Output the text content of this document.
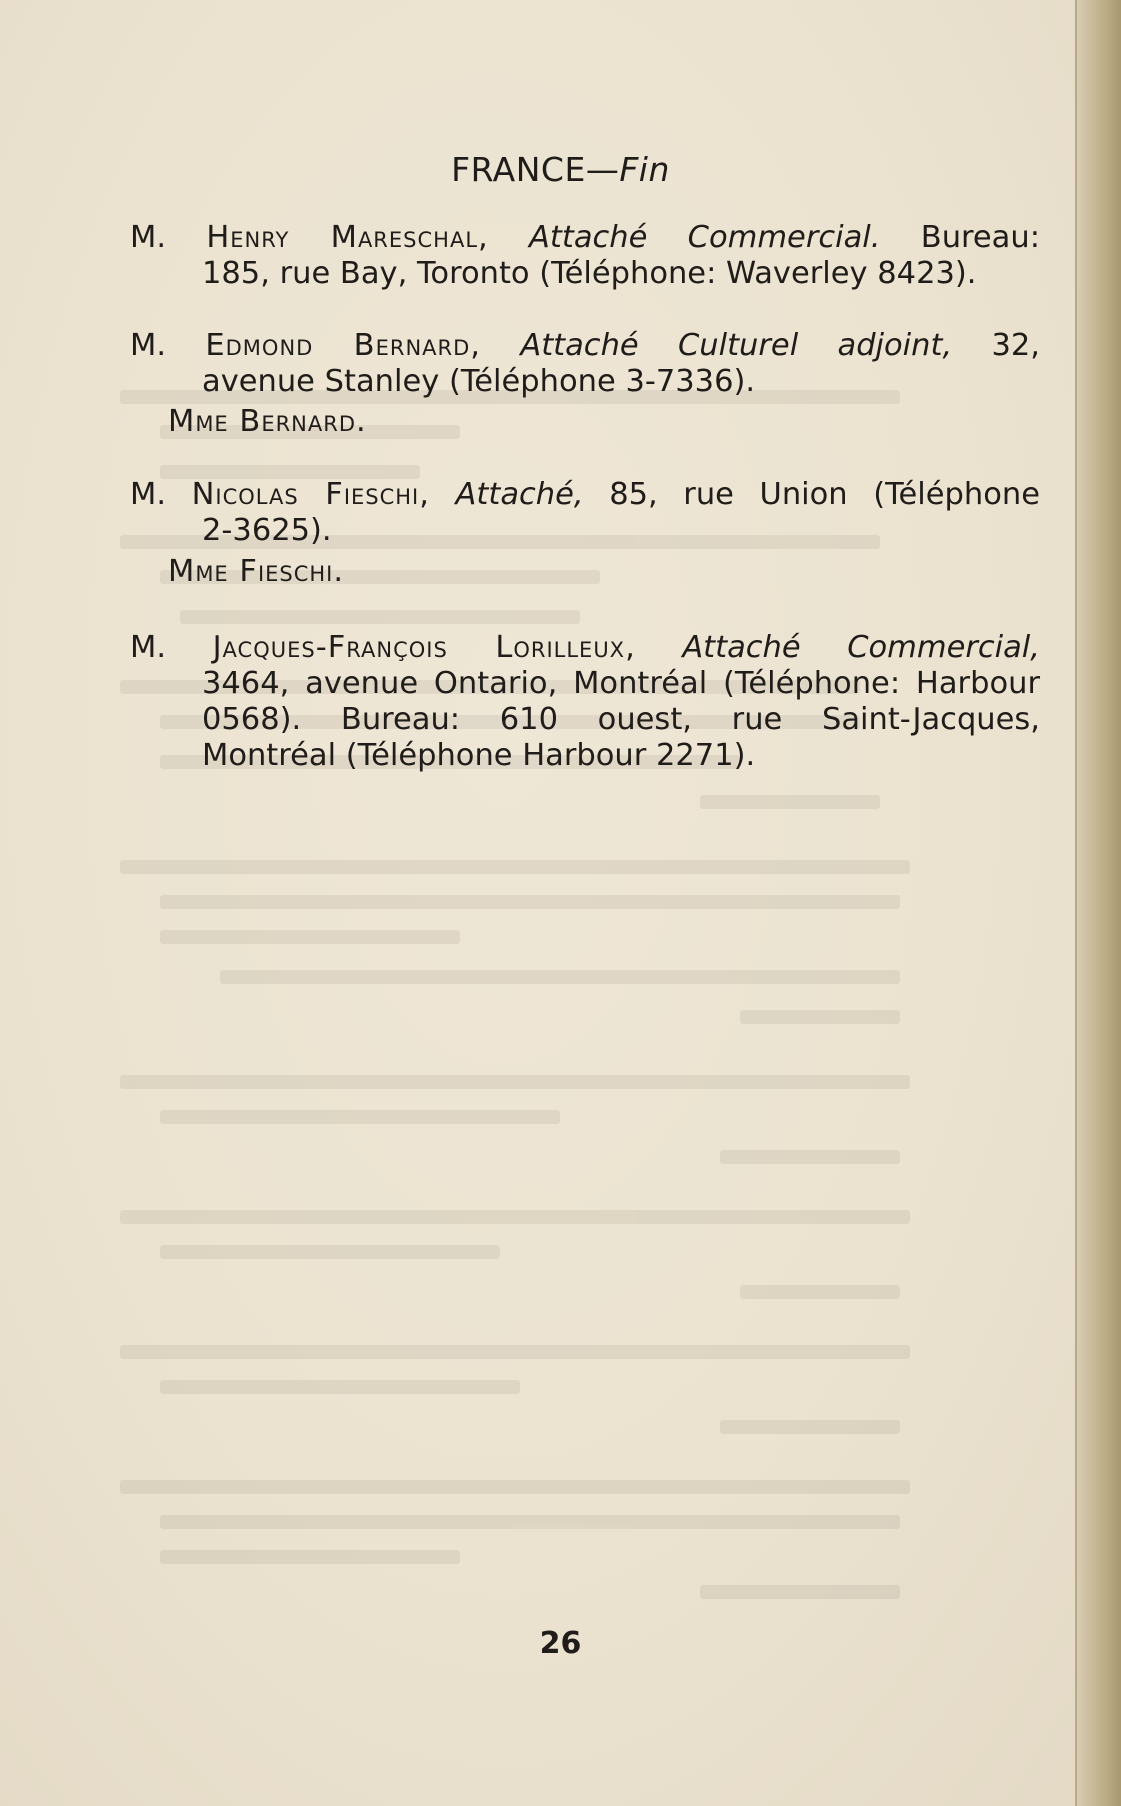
FRANCE—Fin
M. Henry Mareschal, Attaché Commercial. Bureau:
185, rue Bay, Toronto (Téléphone: Waverley 8423).
M. Edmond Bernard, Attaché Culturel adjoint, 32,
avenue Stanley (Téléphone 3-7336).
Mme Bernard.
M. Nicolas Fieschi, Attaché, 85, rue Union (Téléphone
2-3625).
Mme Fieschi.
M. Jacques-François Lorilleux, Attaché Commercial,
3464, avenue Ontario, Montréal (Téléphone: Harbour
0568). Bureau: 610 ouest, rue Saint-Jacques,
Montréal (Téléphone Harbour 2271).
26
